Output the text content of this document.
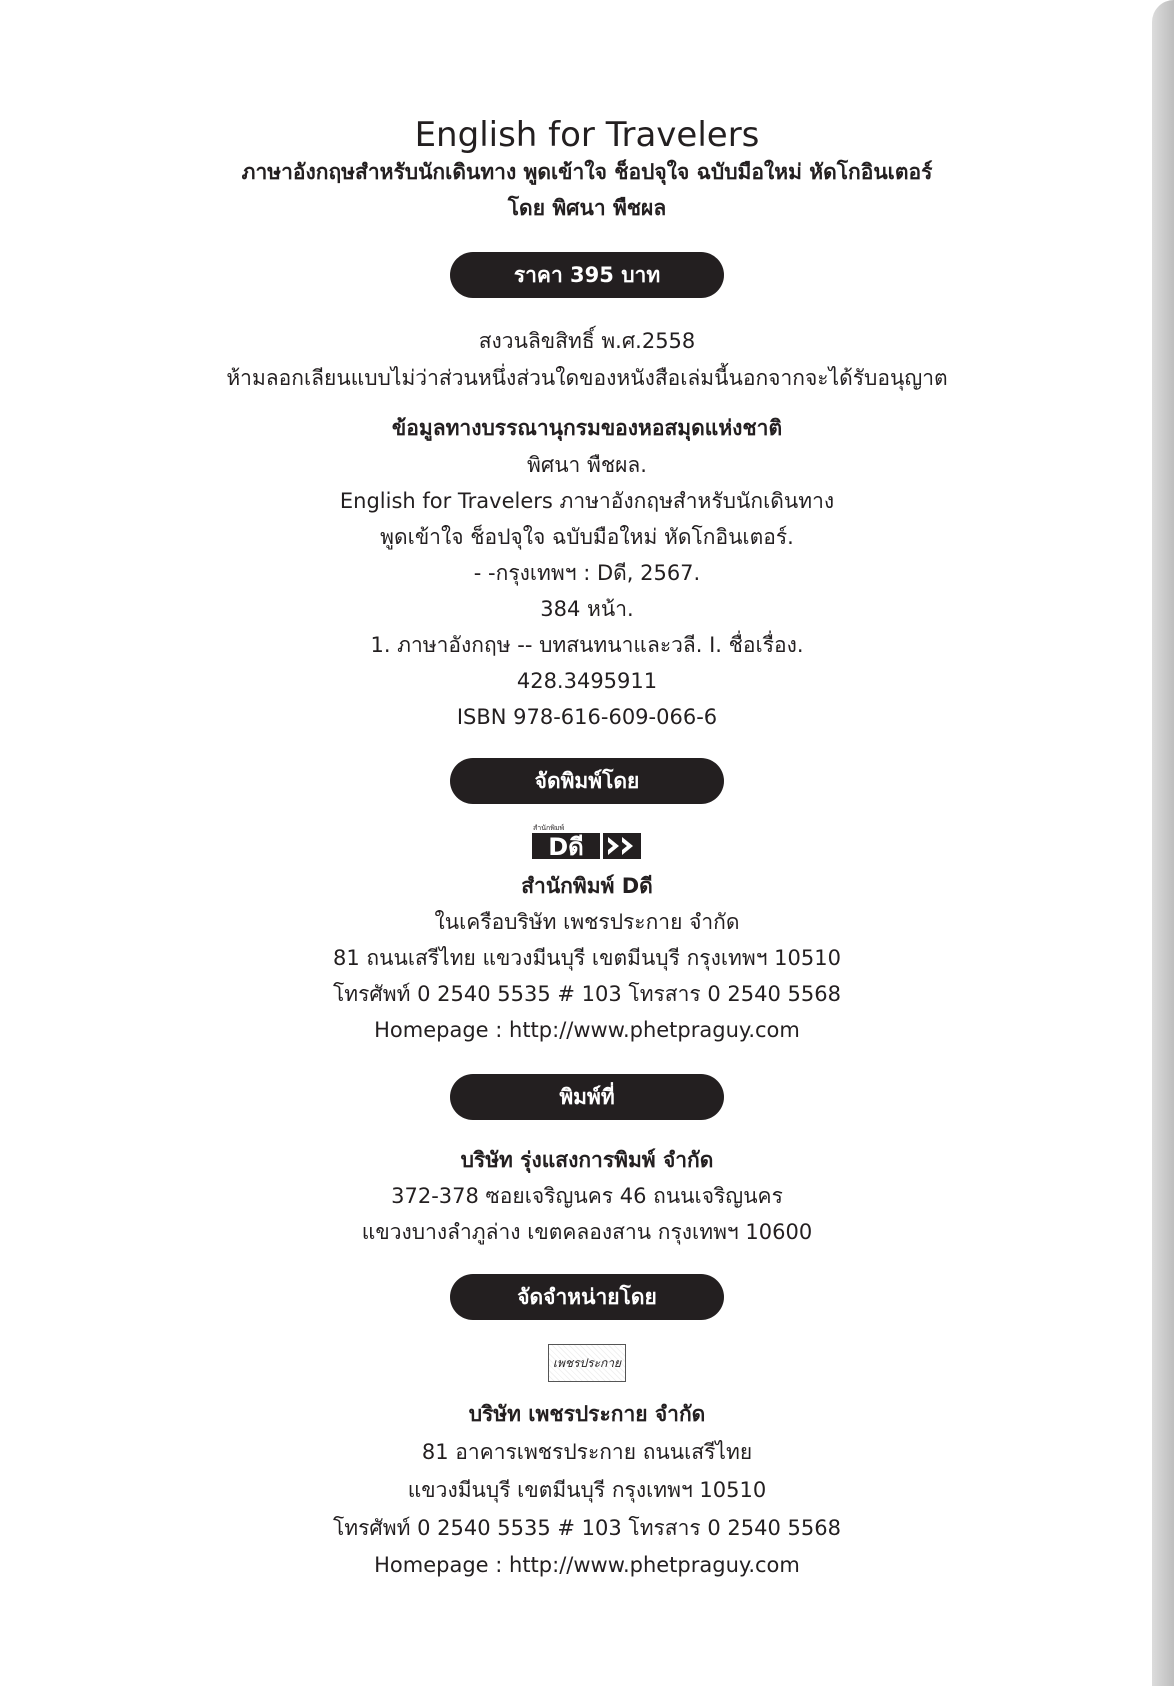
English for Travelers
ภาษาอังกฤษสำหรับนักเดินทาง พูดเข้าใจ ช็อปจุใจ ฉบับมือใหม่ หัดโกอินเตอร์
โดย พิศนา พืชผล
ราคา 395 บาท
สงวนลิขสิทธิ์ พ.ศ.2558
ห้ามลอกเลียนแบบไม่ว่าส่วนหนึ่งส่วนใดของหนังสือเล่มนี้นอกจากจะได้รับอนุญาต
ข้อมูลทางบรรณานุกรมของหอสมุดแห่งชาติ
พิศนา พืชผล.
English for Travelers ภาษาอังกฤษสำหรับนักเดินทาง
พูดเข้าใจ ช็อปจุใจ ฉบับมือใหม่ หัดโกอินเตอร์.
- -กรุงเทพฯ : Dดี, 2567.
384 หน้า.
1. ภาษาอังกฤษ -- บทสนทนาและวลี. I. ชื่อเรื่อง.
428.3495911
ISBN 978-616-609-066-6
จัดพิมพ์โดย
สำนักพิมพ์
Dดี
สำนักพิมพ์ Dดี
ในเครือบริษัท เพชรประกาย จำกัด
81 ถนนเสรีไทย แขวงมีนบุรี เขตมีนบุรี กรุงเทพฯ 10510
โทรศัพท์ 0 2540 5535 # 103 โทรสาร 0 2540 5568
Homepage : http://www.phetpraguy.com
พิมพ์ที่
บริษัท รุ่งแสงการพิมพ์ จำกัด
372-378 ซอยเจริญนคร 46 ถนนเจริญนคร
แขวงบางลำภูล่าง เขตคลองสาน กรุงเทพฯ 10600
จัดจำหน่ายโดย
เพชรประกาย
บริษัท เพชรประกาย จำกัด
81 อาคารเพชรประกาย ถนนเสรีไทย
แขวงมีนบุรี เขตมีนบุรี กรุงเทพฯ 10510
โทรศัพท์ 0 2540 5535 # 103 โทรสาร 0 2540 5568
Homepage : http://www.phetpraguy.com
